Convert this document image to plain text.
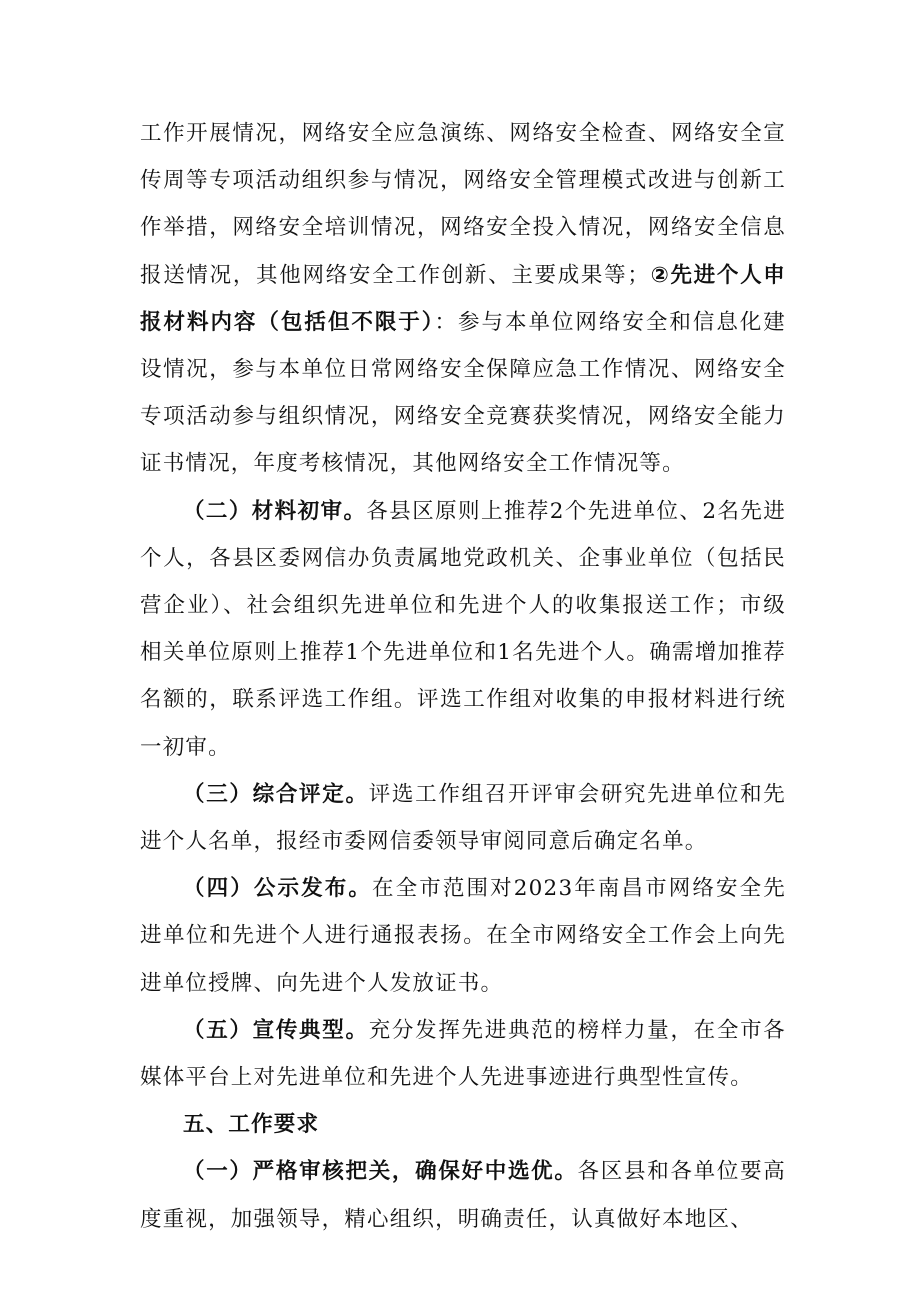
工作开展情况，网络安全应急演练、网络安全检查、网络安全宣传周等专项活动组织参与情况，网络安全管理模式改进与创新工作举措，网络安全培训情况，网络安全投入情况，网络安全信息报送情况，其他网络安全工作创新、主要成果等；②先进个人申报材料内容（包括但不限于）：参与本单位网络安全和信息化建设情况，参与本单位日常网络安全保障应急工作情况、网络安全专项活动参与组织情况，网络安全竞赛获奖情况，网络安全能力证书情况，年度考核情况，其他网络安全工作情况等。

（二）材料初审。各县区原则上推荐2个先进单位、2名先进个人，各县区委网信办负责属地党政机关、企事业单位（包括民营企业）、社会组织先进单位和先进个人的收集报送工作；市级相关单位原则上推荐1个先进单位和1名先进个人。确需增加推荐名额的，联系评选工作组。评选工作组对收集的申报材料进行统一初审。

（三）综合评定。评选工作组召开评审会研究先进单位和先进个人名单，报经市委网信委领导审阅同意后确定名单。

（四）公示发布。在全市范围对2023年南昌市网络安全先进单位和先进个人进行通报表扬。在全市网络安全工作会上向先进单位授牌、向先进个人发放证书。

（五）宣传典型。充分发挥先进典范的榜样力量，在全市各媒体平台上对先进单位和先进个人先进事迹进行典型性宣传。

五、工作要求

（一）严格审核把关，确保好中选优。各区县和各单位要高度重视，加强领导，精心组织，明确责任，认真做好本地区、
